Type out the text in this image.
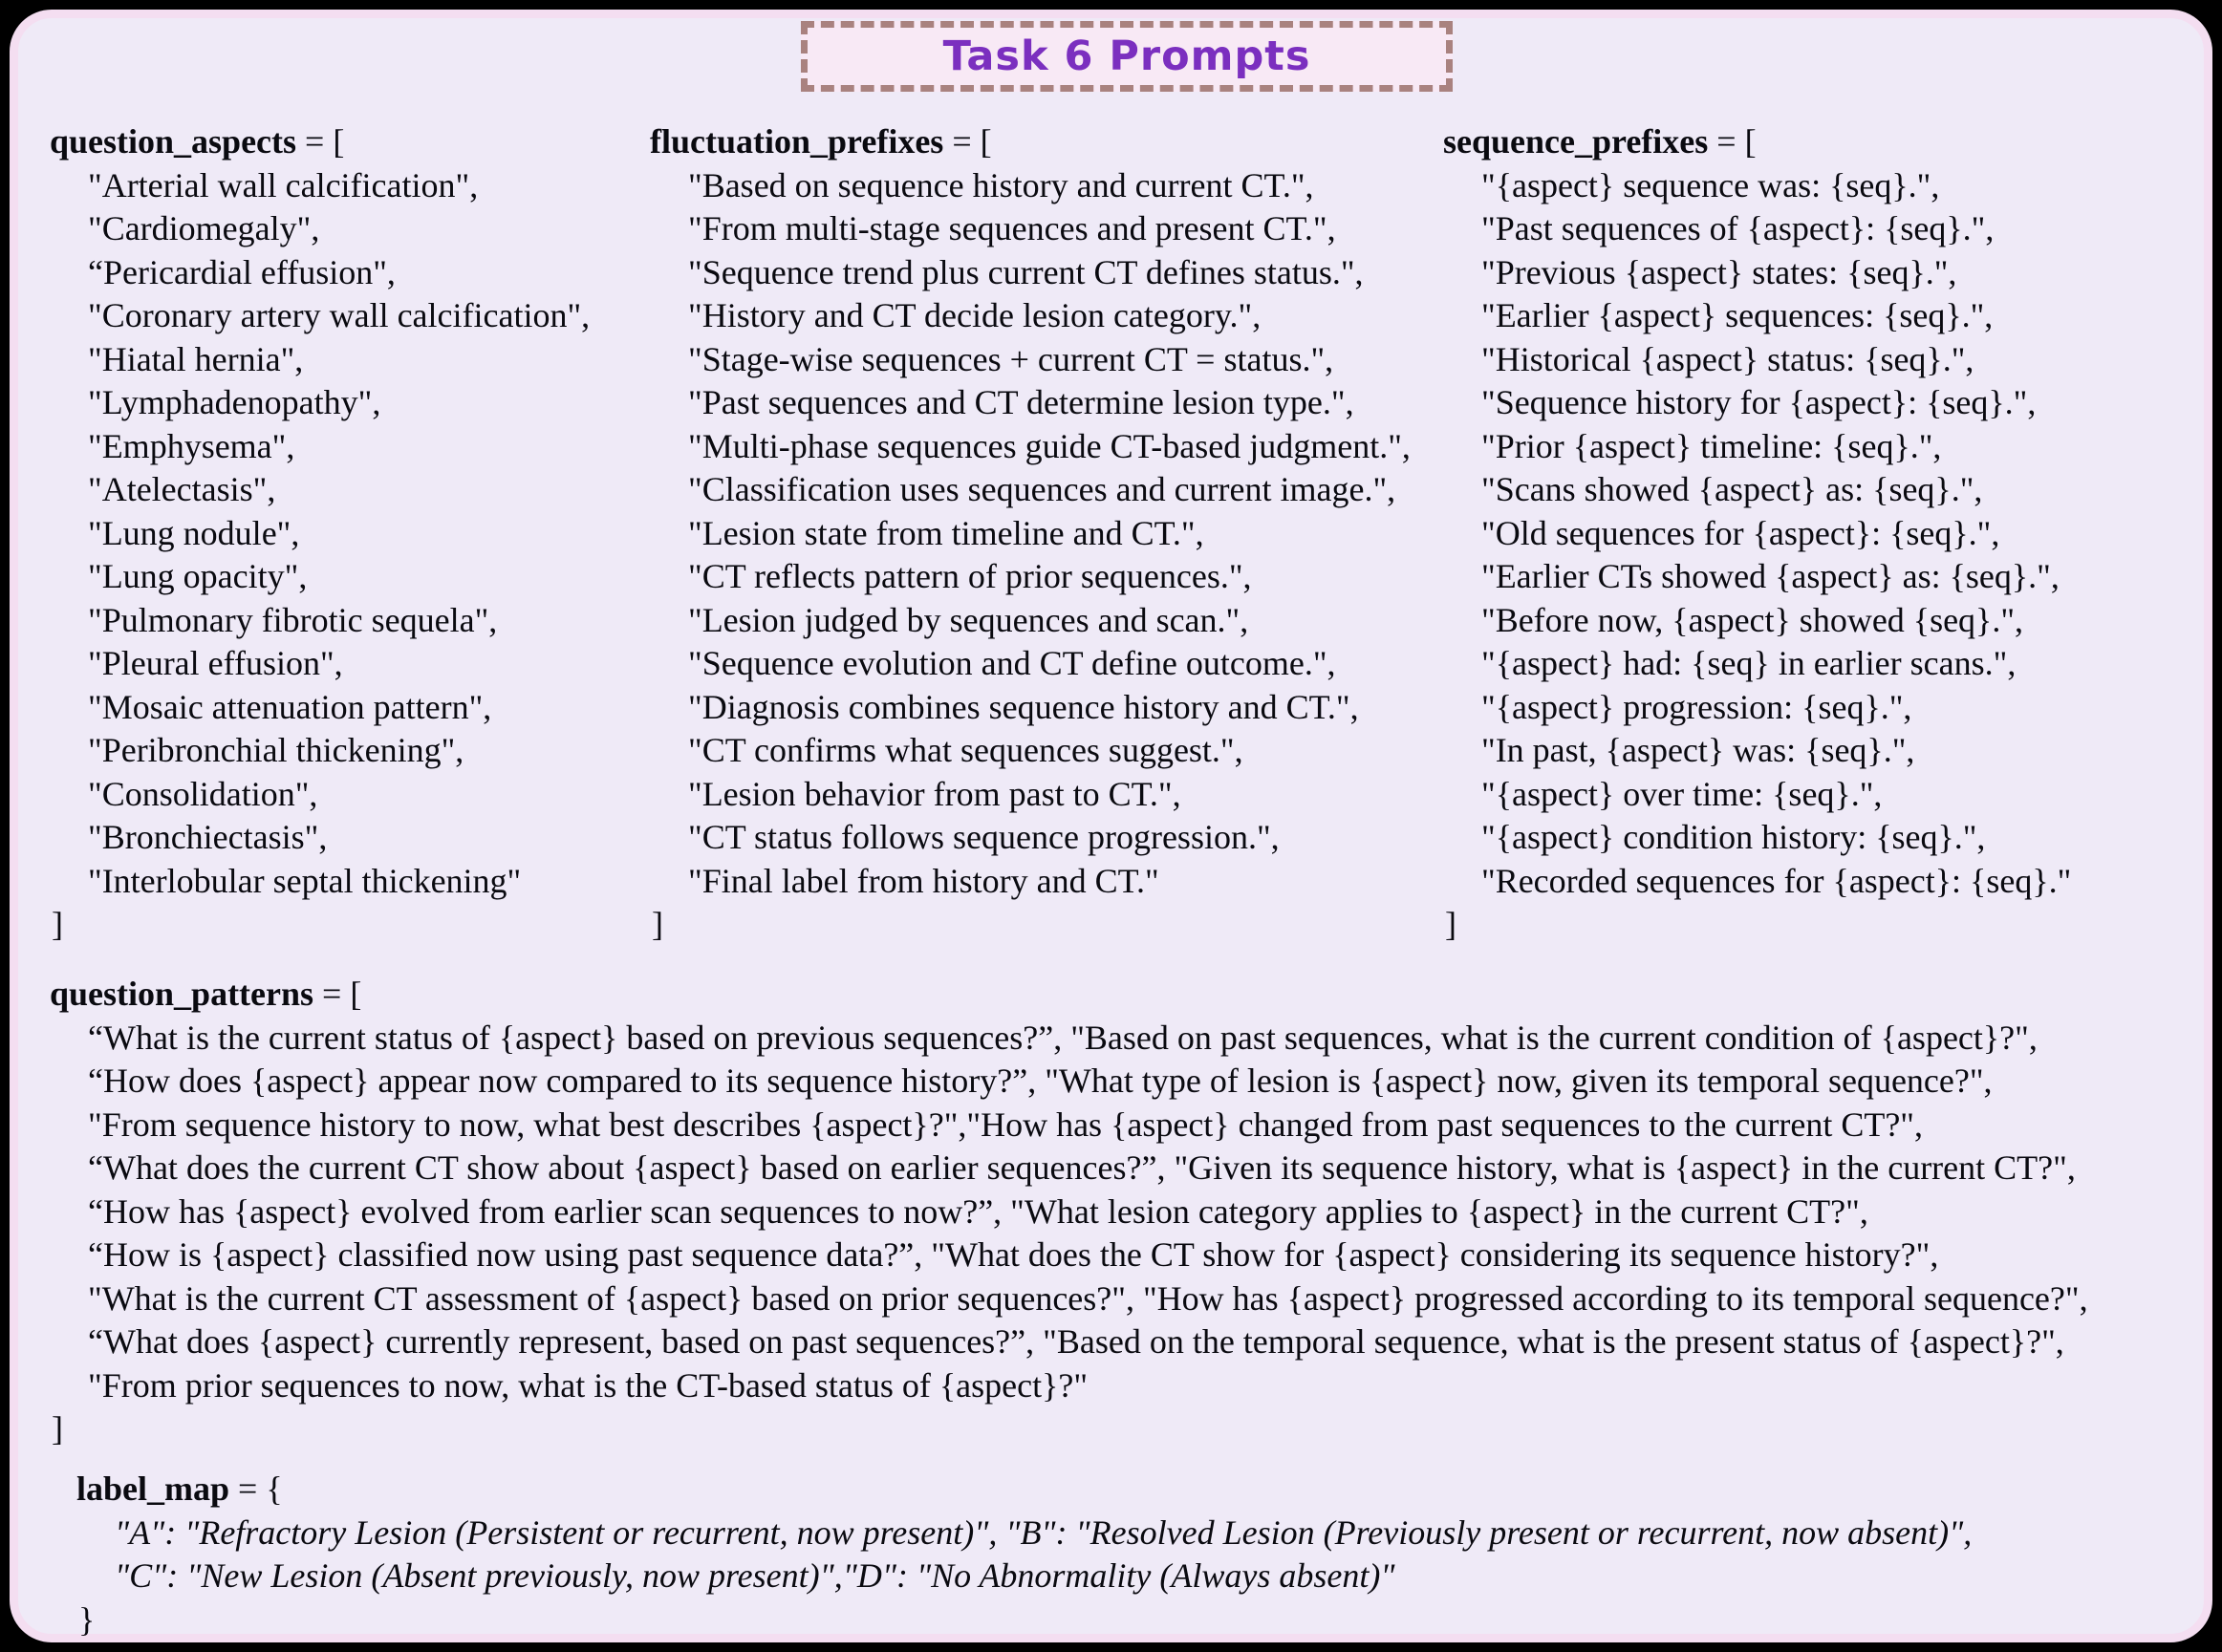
Task 6 Prompts
question_aspects = [
"Arterial wall calcification",
"Cardiomegaly",
“Pericardial effusion",
"Coronary artery wall calcification",
"Hiatal hernia",
"Lymphadenopathy",
"Emphysema",
"Atelectasis",
"Lung nodule",
"Lung opacity",
"Pulmonary fibrotic sequela",
"Pleural effusion",
"Mosaic attenuation pattern",
"Peribronchial thickening",
"Consolidation",
"Bronchiectasis",
"Interlobular septal thickening"
]
fluctuation_prefixes = [
"Based on sequence history and current CT.",
"From multi-stage sequences and present CT.",
"Sequence trend plus current CT defines status.",
"History and CT decide lesion category.",
"Stage-wise sequences + current CT = status.",
"Past sequences and CT determine lesion type.",
"Multi-phase sequences guide CT-based judgment.",
"Classification uses sequences and current image.",
"Lesion state from timeline and CT.",
"CT reflects pattern of prior sequences.",
"Lesion judged by sequences and scan.",
"Sequence evolution and CT define outcome.",
"Diagnosis combines sequence history and CT.",
"CT confirms what sequences suggest.",
"Lesion behavior from past to CT.",
"CT status follows sequence progression.",
"Final label from history and CT."
]
sequence_prefixes = [
"{aspect} sequence was: {seq}.",
"Past sequences of {aspect}: {seq}.",
"Previous {aspect} states: {seq}.",
"Earlier {aspect} sequences: {seq}.",
"Historical {aspect} status: {seq}.",
"Sequence history for {aspect}: {seq}.",
"Prior {aspect} timeline: {seq}.",
"Scans showed {aspect} as: {seq}.",
"Old sequences for {aspect}: {seq}.",
"Earlier CTs showed {aspect} as: {seq}.",
"Before now, {aspect} showed {seq}.",
"{aspect} had: {seq} in earlier scans.",
"{aspect} progression: {seq}.",
"In past, {aspect} was: {seq}.",
"{aspect} over time: {seq}.",
"{aspect} condition history: {seq}.",
"Recorded sequences for {aspect}: {seq}."
]
question_patterns = [
“What is the current status of {aspect} based on previous sequences?”, "Based on past sequences, what is the current condition of {aspect}?",
“How does {aspect} appear now compared to its sequence history?”, "What type of lesion is {aspect} now, given its temporal sequence?",
"From sequence history to now, what best describes {aspect}?","How has {aspect} changed from past sequences to the current CT?",
“What does the current CT show about {aspect} based on earlier sequences?”, "Given its sequence history, what is {aspect} in the current CT?",
“How has {aspect} evolved from earlier scan sequences to now?”, "What lesion category applies to {aspect} in the current CT?",
“How is {aspect} classified now using past sequence data?”, "What does the CT show for {aspect} considering its sequence history?",
"What is the current CT assessment of {aspect} based on prior sequences?", "How has {aspect} progressed according to its temporal sequence?",
“What does {aspect} currently represent, based on past sequences?”, "Based on the temporal sequence, what is the present status of {aspect}?",
"From prior sequences to now, what is the CT-based status of {aspect}?"
]
label_map = {
"A": "Refractory Lesion (Persistent or recurrent, now present)", "B": "Resolved Lesion (Previously present or recurrent, now absent)",
"C": "New Lesion (Absent previously, now present)","D": "No Abnormality (Always absent)"
}
